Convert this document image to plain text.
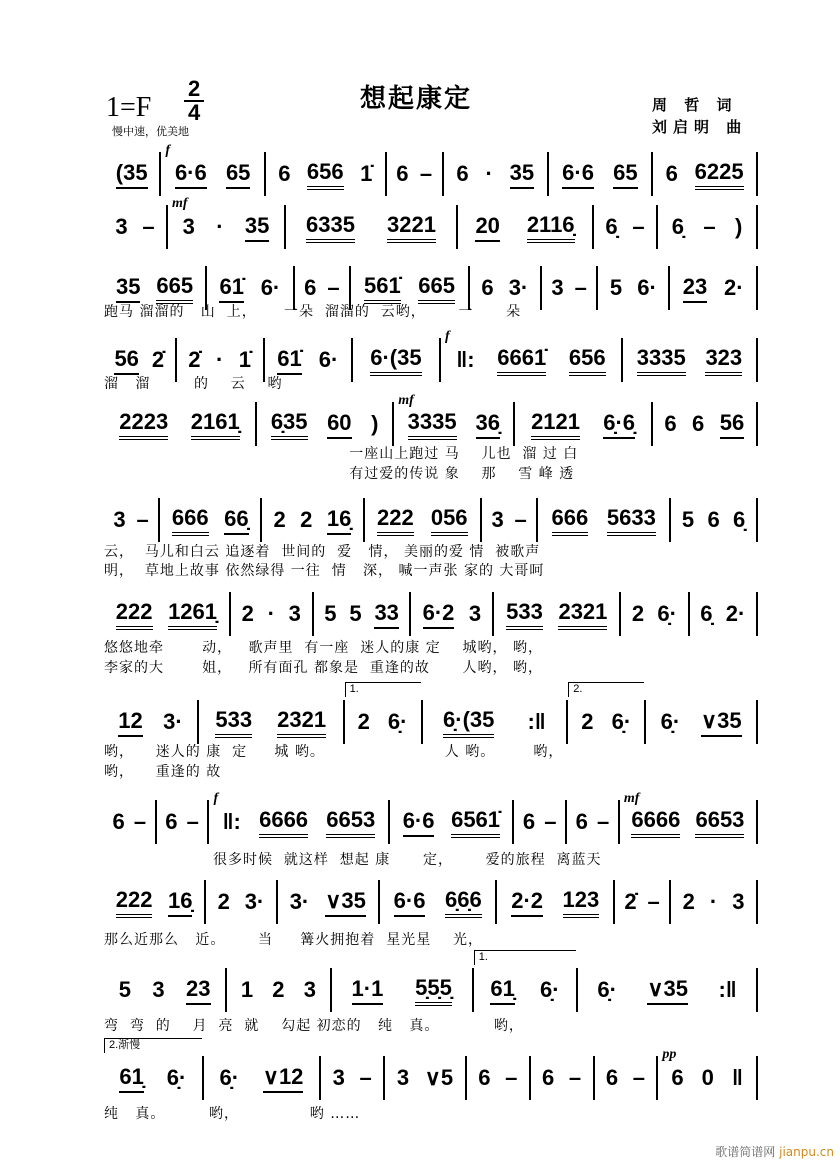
想起康定
1=F
2
4
慢中速，优美地
周 哲 词
刘启明 曲
(35 6·6 65
f
6 656 1̇ 6 – 6 · 35 6·6 65 6 6225
3 – 3 · 35
mf
6335 3221 20 2116̣ 6̣ – 6̣ – )
35 665 61̇ 6· 6 – 561̇ 665 6 3· 3 – 5 6· 23 2·
跑马 溜溜的   山  上，     一朵  溜溜的  云哟，      一      朵
56 2̇ 2̇ · 1̇ 61̇ 6· 6·(35 ‖: 6661̇ 656
f
3335 323
溜   溜        的    云    哟
2223 2161̣ 6̣35 60 ) 3335 36̣
mf
2121 6̣·6̣ 6 6 56
一座山上跑过 马    儿也  溜 过 白
有过爱的传说 象    那    雪 峰 透
3 – 666 66̣ 2 2 16̣ 222 056 3 – 666 5633 5 6 6̣
云，  马儿和白云 追逐着  世间的  爱   情， 美丽的爱 情  被歌声
明，  草地上故事 依然绿得 一往  情   深， 喊一声张 家的 大哥呵
222 1261̣ 2 · 3 5 5 33 6·2 3 533 2321 2 6̣· 6̣ 2·
悠悠地牵       动，   歌声里  有一座  迷人的康 定    城哟， 哟，
李家的大       姐，   所有面孔 都象是  重逢的故      人哟， 哟，
12 3· 533 2321 2 6̣·
1.
6̣·(35 :‖ 2 6̣·
2.
6̣· ∨35
哟，    迷人的 康  定     城 哟。                      人 哟。       哟，
哟，    重逢的 故
6 – 6 – ‖: 6666 6653
f
6·6 6561̇ 6 – 6 – 6666 6653
mf
很多时候  就这样  想起 康      定，      爱的旅程  离蓝天
222 16̣ 2 3· 3· ∨35 6·6 6̣6̣6 2·2 123 2̇ – 2 · 3
那么近那么   近。      当     篝火拥抱着  星光星    光，
5 3 23 1 2 3 1·1 5̣5̣5̣ 61̣ 6̣·
1.
6̣· ∨35 :‖
弯  弯  的    月  亮  就    勾起 初恋的   纯   真。          哟，
61̣ 6̣·
2.渐慢
6̣· ∨12 3 – 3 ∨5 6 – 6 – 6 – 6 0 ‖
pp
纯   真。        哟，             哟 ……
歌谱简谱网 jianpu.cn
